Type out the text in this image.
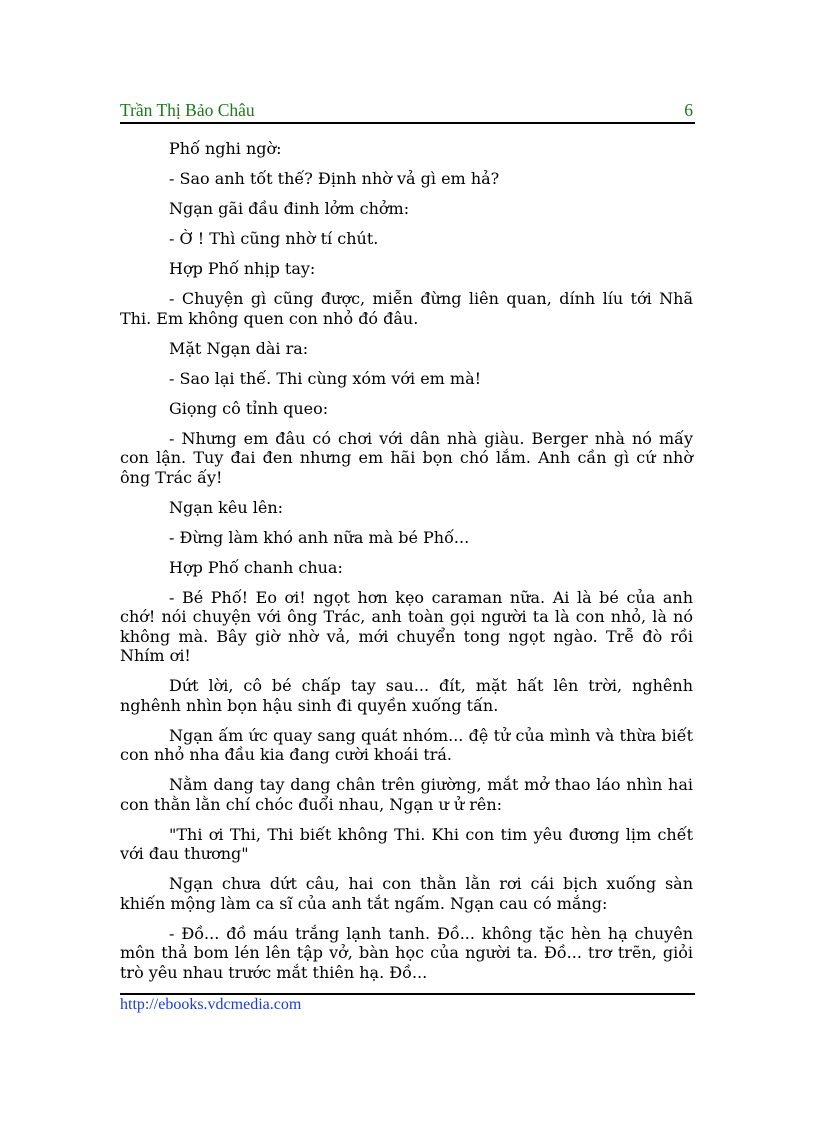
Trần Thị Bảo Châu	6

Phố nghi ngờ:

- Sao anh tốt thế? Định nhờ vả gì em hả?

Ngạn gãi đầu đinh lởm chởm:

- Ờ ! Thì cũng nhờ tí chút.

Hợp Phố nhịp tay:

- Chuyện gì cũng được, miễn đừng liên quan, dính líu tới Nhã Thi. Em không quen con nhỏ đó đâu.

Mặt Ngạn dài ra:

- Sao lại thế. Thi cùng xóm với em mà!

Giọng cô tỉnh queo:

- Nhưng em đâu có chơi với dân nhà giàu. Berger nhà nó mấy con lận. Tuy đai đen nhưng em hãi bọn chó lắm. Anh cần gì cứ nhờ ông Trác ấy!

Ngạn kêu lên:

- Đừng làm khó anh nữa mà bé Phố...

Hợp Phố chanh chua:

- Bé Phố! Eo ơi! ngọt hơn kẹo caraman nữa. Ai là bé của anh chớ! nói chuyện với ông Trác, anh toàn gọi người ta là con nhỏ, là nó không mà. Bây giờ nhờ vả, mới chuyển tong ngọt ngào. Trễ đò rồi Nhím ơi!

Dứt lời, cô bé chấp tay sau... đít, mặt hất lên trời, nghênh nghênh nhìn bọn hậu sinh đi quyền xuống tấn.

Ngạn ấm ức quay sang quát nhóm... đệ tử của mình và thừa biết con nhỏ nha đầu kia đang cười khoái trá.

Nằm dang tay dang chân trên giường, mắt mở thao láo nhìn hai con thằn lằn chí chóc đuổi nhau, Ngạn ư ử rên:

"Thi ơi Thi, Thi biết không Thi. Khi con tim yêu đương lịm chết với đau thương"

Ngạn chưa dứt câu, hai con thằn lằn rơi cái bịch xuống sàn khiến mộng làm ca sĩ của anh tắt ngấm. Ngạn cau có mắng:

- Đồ... đồ máu trắng lạnh tanh. Đồ... không tặc hèn hạ chuyên môn thả bom lén lên tập vở, bàn học của người ta. Đồ... trơ trẽn, giỏi trò yêu nhau trước mắt thiên hạ. Đồ...

http://ebooks.vdcmedia.com
